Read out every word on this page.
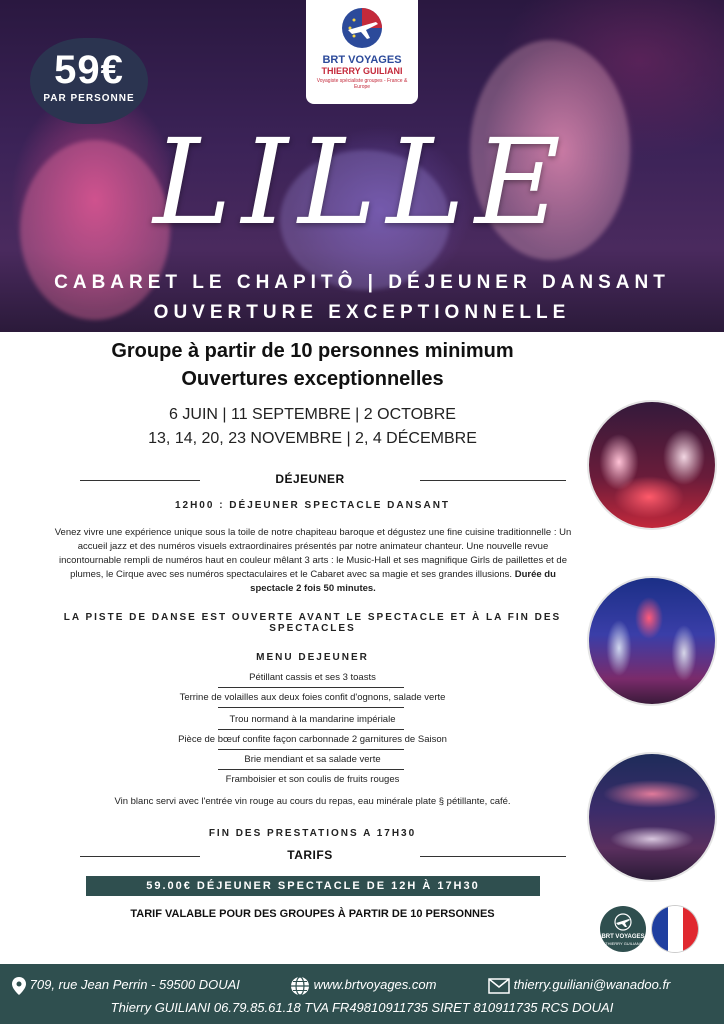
59€
PAR PERSONNE
BRT VOYAGES
THIERRY GUILIANI
Voyagiste spécialiste groupes - France & Europe
LILLE
CABARET LE CHAPITÔ | DÉJEUNER DANSANT
OUVERTURE EXCEPTIONNELLE
Groupe à partir de 10 personnes minimum
Ouvertures exceptionnelles
6 JUIN | 11 SEPTEMBRE | 2 OCTOBRE
13, 14, 20, 23 NOVEMBRE | 2, 4 DÉCEMBRE
DÉJEUNER
12H00 : DÉJEUNER SPECTACLE DANSANT
Venez vivre une expérience unique sous la toile de notre chapiteau baroque et dégustez une fine cuisine traditionnelle : Un accueil jazz et des numéros visuels extraordinaires présentés par notre animateur chanteur. Une nouvelle revue incontournable rempli de numéros haut en couleur mêlant 3 arts : le Music-Hall et ses magnifique Girls de paillettes et de plumes, le Cirque avec ses numéros spectaculaires et le Cabaret avec sa magie et ses grandes illusions. Durée du spectacle 2 fois 50 minutes.
LA PISTE DE DANSE EST OUVERTE AVANT LE SPECTACLE ET À LA FIN DES SPECTACLES
MENU DEJEUNER
Pétillant cassis et ses 3 toasts
Terrine de volailles aux deux foies confit d'ognons, salade verte
Trou normand à la mandarine impériale
Pièce de bœuf confite façon carbonnade 2 garnitures de Saison
Brie mendiant et sa salade verte
Framboisier et son coulis de fruits rouges
Vin blanc servi avec l'entrée vin rouge au cours du repas, eau minérale plate § pétillante, café.
FIN DES PRESTATIONS A 17H30
TARIFS
59.00€ DÉJEUNER SPECTACLE DE 12H À 17H30
TARIF VALABLE POUR DES GROUPES À PARTIR DE 10 PERSONNES
BRT VOYAGES
THIERRY GUILIANI
709, rue Jean Perrin - 59500 DOUAI	www.brtvoyages.com	thierry.guiliani@wanadoo.fr
Thierry GUILIANI 06.79.85.61.18 TVA FR49810911735 SIRET 810911735 RCS DOUAI
